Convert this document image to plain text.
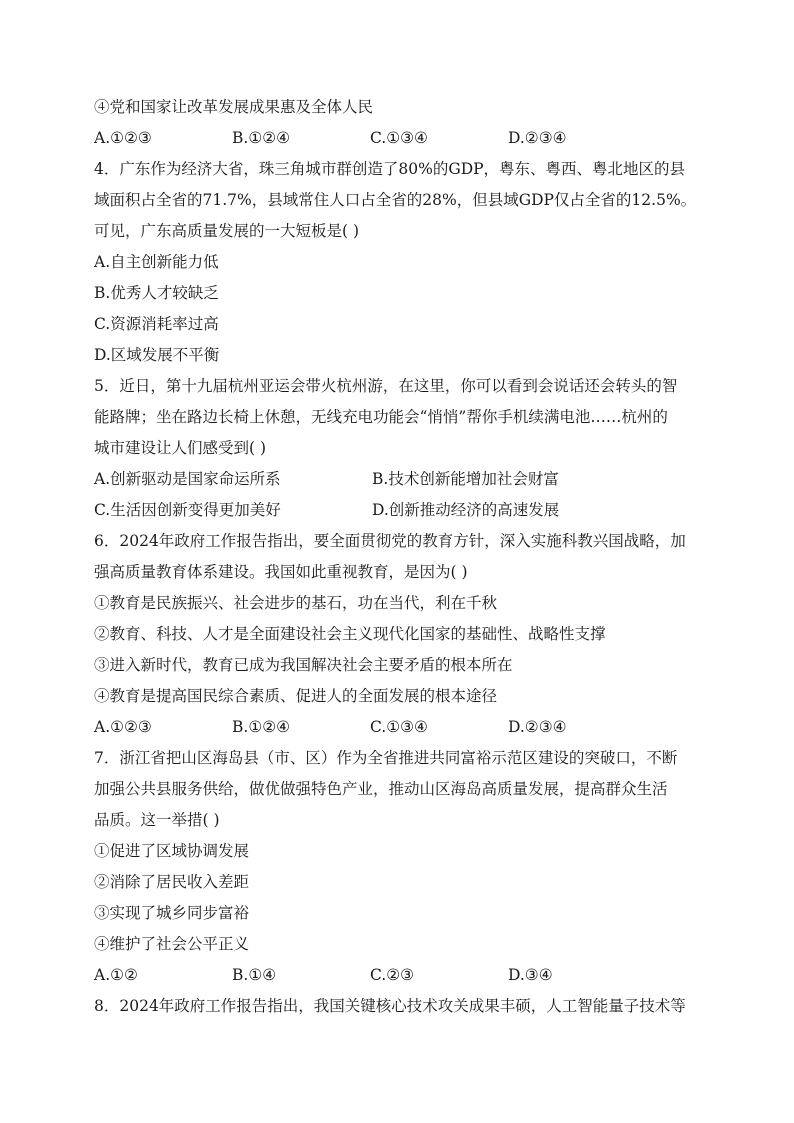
④党和国家让改革发展成果惠及全体人民
A.①②③	B.①②④	C.①③④	D.②③④
4．广东作为经济大省，珠三角城市群创造了80%的GDP，粤东、粤西、粤北地区的县
域面积占全省的71.7%，县域常住人口占全省的28%，但县域GDP仅占全省的12.5%。
可见，广东高质量发展的一大短板是( )
A.自主创新能力低
B.优秀人才较缺乏
C.资源消耗率过高
D.区域发展不平衡
5．近日，第十九届杭州亚运会带火杭州游，在这里，你可以看到会说话还会转头的智
能路牌；坐在路边长椅上休憩，无线充电功能会“悄悄”帮你手机续满电池……杭州的
城市建设让人们感受到( )
A.创新驱动是国家命运所系	B.技术创新能增加社会财富
C.生活因创新变得更加美好	D.创新推动经济的高速发展
6．2024年政府工作报告指出，要全面贯彻党的教育方针，深入实施科教兴国战略，加
强高质量教育体系建设。我国如此重视教育，是因为( )
①教育是民族振兴、社会进步的基石，功在当代，利在千秋
②教育、科技、人才是全面建设社会主义现代化国家的基础性、战略性支撑
③进入新时代，教育已成为我国解决社会主要矛盾的根本所在
④教育是提高国民综合素质、促进人的全面发展的根本途径
A.①②③	B.①②④	C.①③④	D.②③④
7．浙江省把山区海岛县（市、区）作为全省推进共同富裕示范区建设的突破口，不断
加强公共县服务供给，做优做强特色产业，推动山区海岛高质量发展，提高群众生活
品质。这一举措( )
①促进了区域协调发展
②消除了居民收入差距
③实现了城乡同步富裕
④维护了社会公平正义
A.①②	B.①④	C.②③	D.③④
8．2024年政府工作报告指出，我国关键核心技术攻关成果丰硕，人工智能量子技术等
